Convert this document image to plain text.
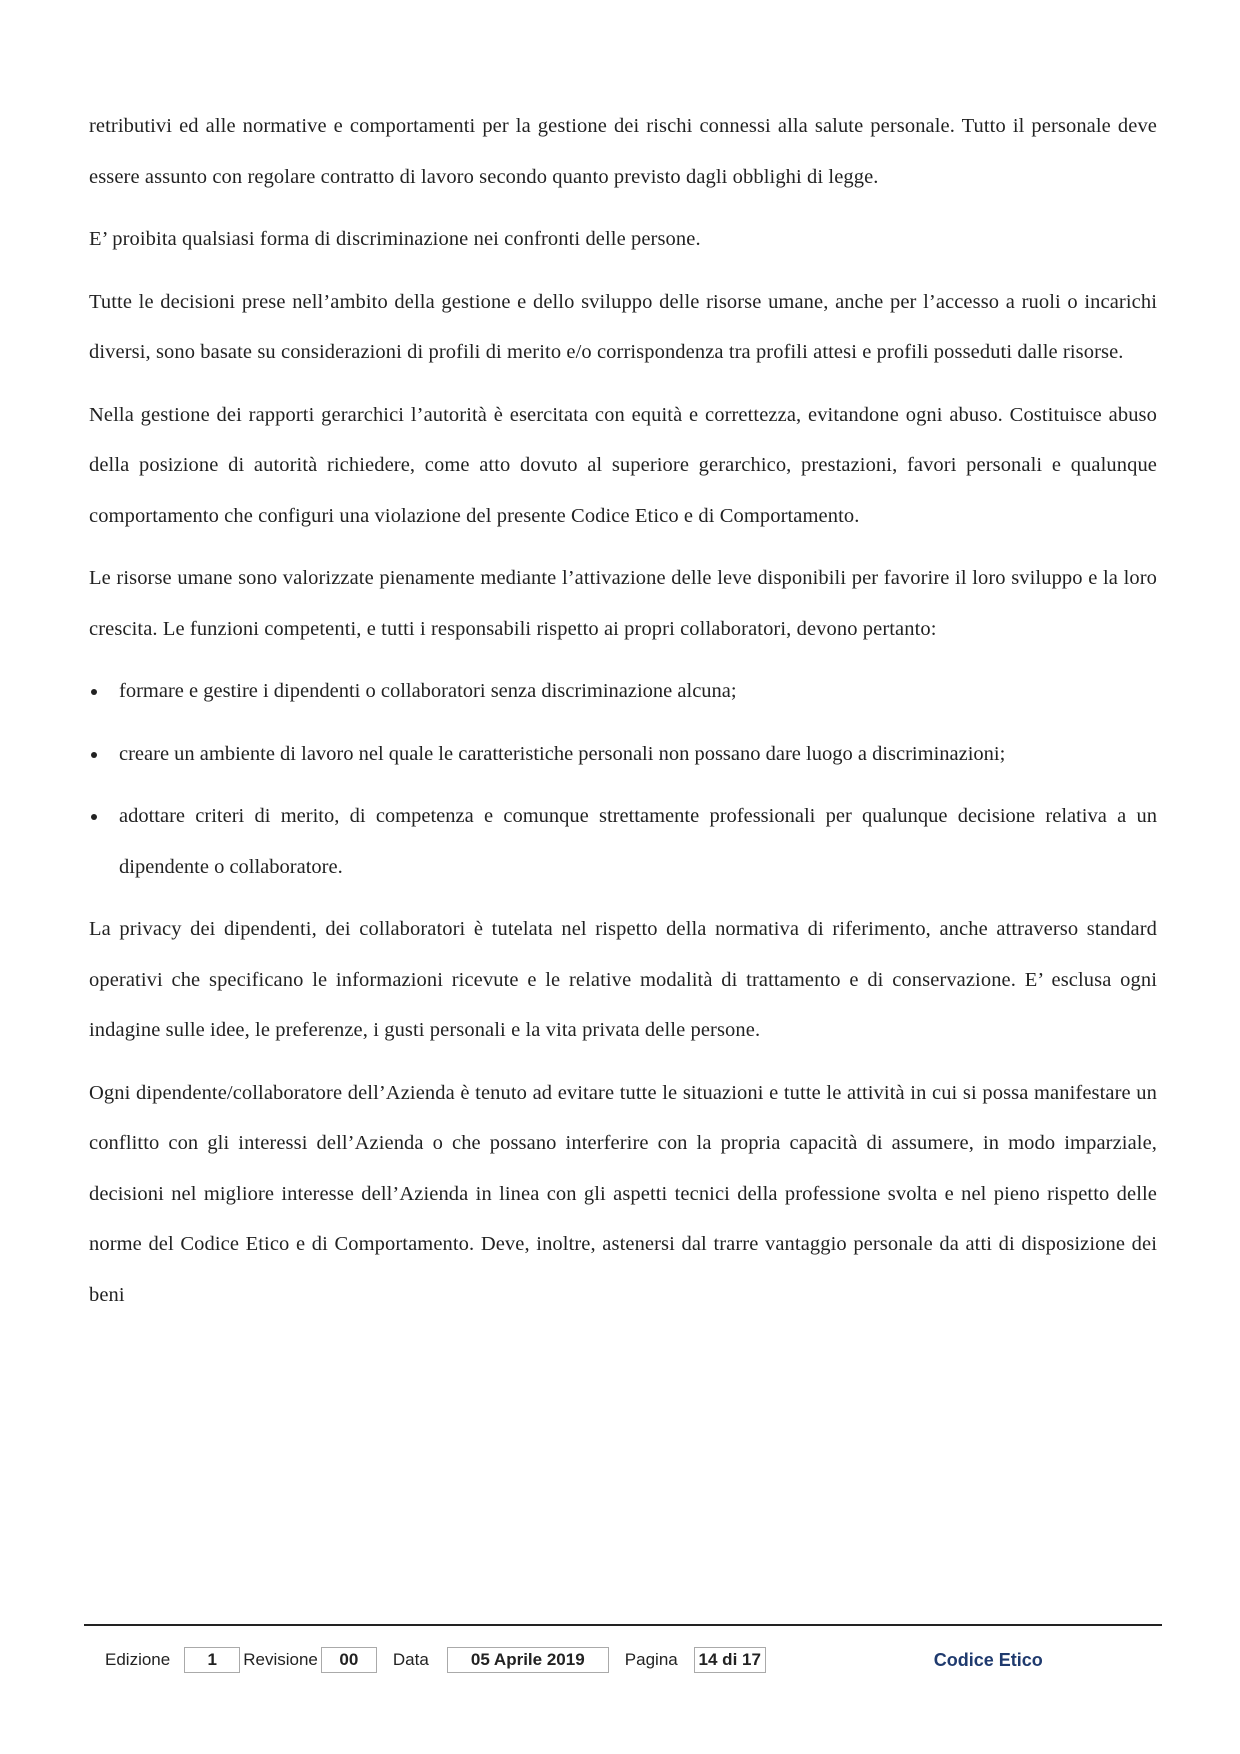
retributivi ed alle normative e comportamenti per la gestione dei rischi connessi alla salute personale. Tutto il personale deve essere assunto con regolare contratto di lavoro secondo quanto previsto dagli obblighi di legge.

E’ proibita qualsiasi forma di discriminazione nei confronti delle persone.

Tutte le decisioni prese nell’ambito della gestione e dello sviluppo delle risorse umane, anche per l’accesso a ruoli o incarichi diversi, sono basate su considerazioni di profili di merito e/o corrispondenza tra profili attesi e profili posseduti dalle risorse.

Nella gestione dei rapporti gerarchici l’autorità è esercitata con equità e correttezza, evitandone ogni abuso. Costituisce abuso della posizione di autorità richiedere, come atto dovuto al superiore gerarchico, prestazioni, favori personali e qualunque comportamento che configuri una violazione del presente Codice Etico e di Comportamento.

Le risorse umane sono valorizzate pienamente mediante l’attivazione delle leve disponibili per favorire il loro sviluppo e la loro crescita. Le funzioni competenti, e tutti i responsabili rispetto ai propri collaboratori, devono pertanto:

formare e gestire i dipendenti o collaboratori senza discriminazione alcuna;
creare un ambiente di lavoro nel quale le caratteristiche personali non possano dare luogo a discriminazioni;
adottare criteri di merito, di competenza e comunque strettamente professionali per qualunque decisione relativa a un dipendente o collaboratore.

La privacy dei dipendenti, dei collaboratori è tutelata nel rispetto della normativa di riferimento, anche attraverso standard operativi che specificano le informazioni ricevute e le relative modalità di trattamento e di conservazione. E’ esclusa ogni indagine sulle idee, le preferenze, i gusti personali e la vita privata delle persone.

Ogni dipendente/collaboratore dell’Azienda è tenuto ad evitare tutte le situazioni e tutte le attività in cui si possa manifestare un conflitto con gli interessi dell’Azienda o che possano interferire con la propria capacità di assumere, in modo imparziale, decisioni nel migliore interesse dell’Azienda in linea con gli aspetti tecnici della professione svolta e nel pieno rispetto delle norme del Codice Etico e di Comportamento. Deve, inoltre, astenersi dal trarre vantaggio personale da atti di disposizione dei beni

Edizione	1	Revisione	00	Data	05 Aprile 2019	Pagina 14 di 17	Codice Etico
